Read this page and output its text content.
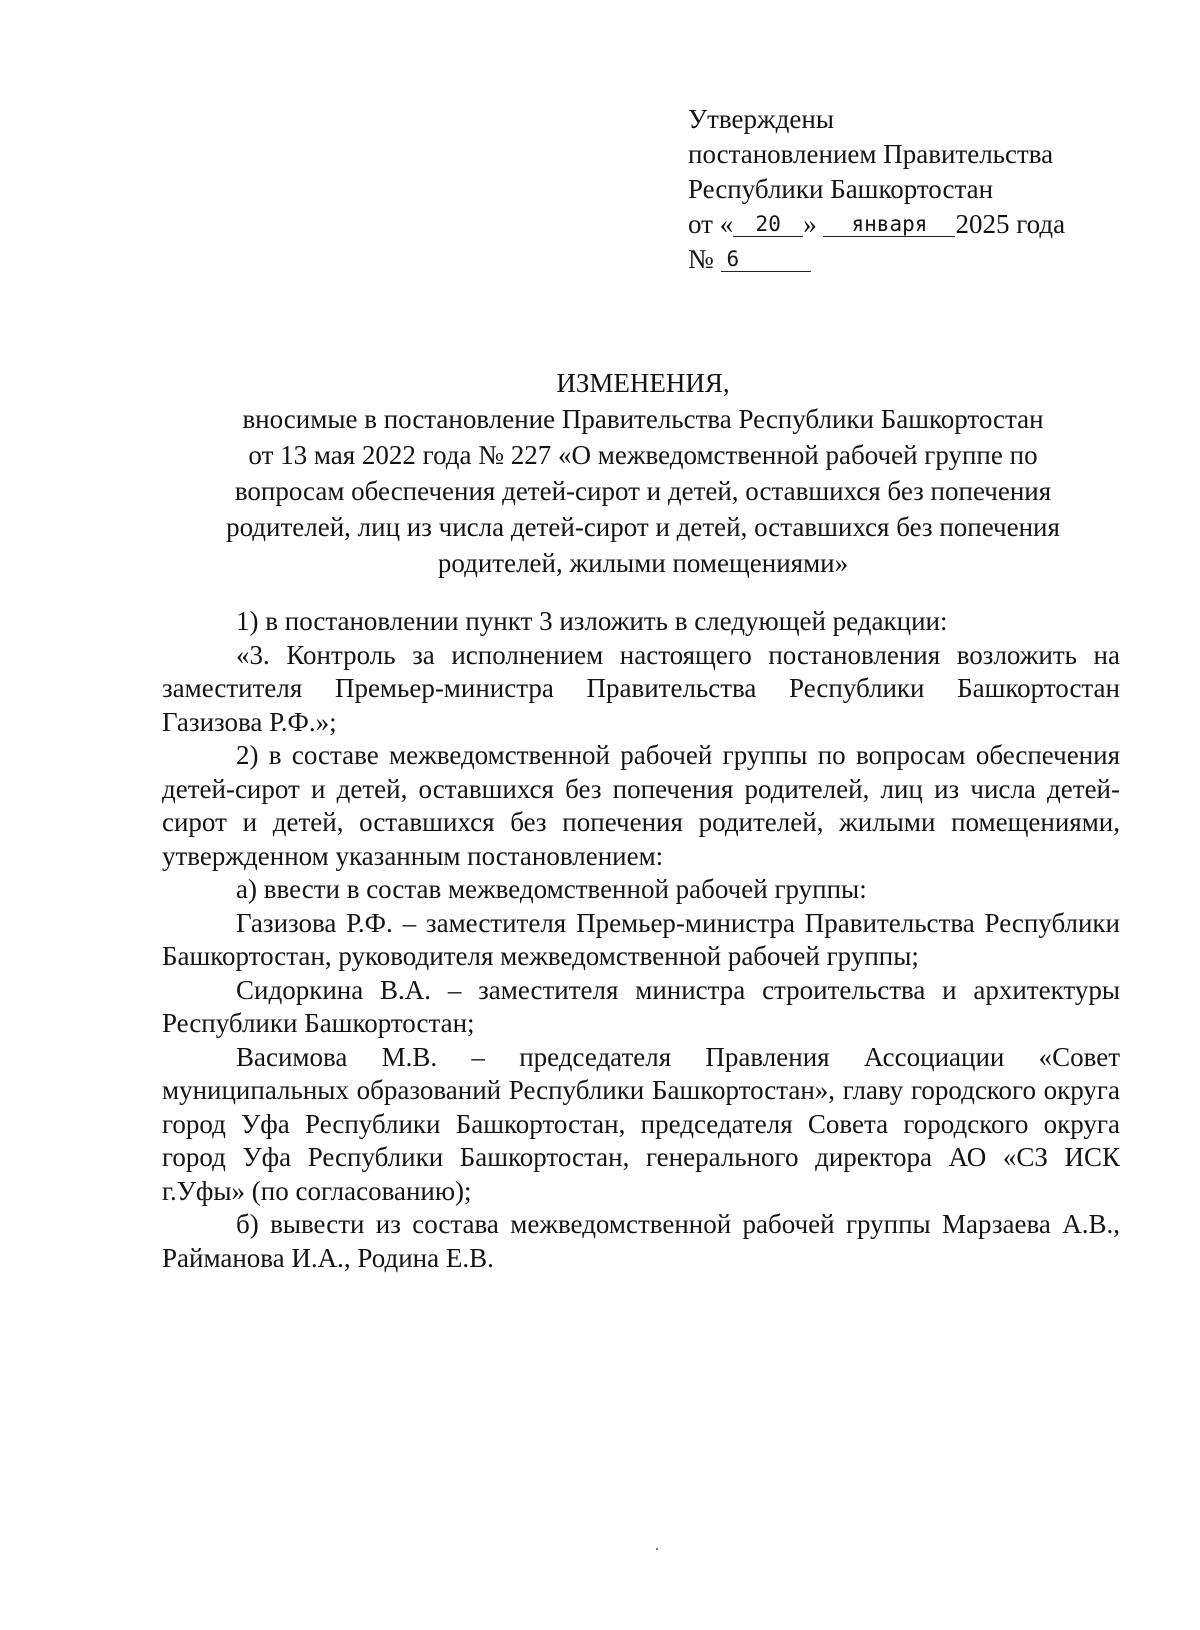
Утверждены
постановлением Правительства
Республики Башкортостан
от « 20 » января 2025 года
№ 6
ИЗМЕНЕНИЯ,
вносимые в постановление Правительства Республики Башкортостан
от 13 мая 2022 года № 227 «О межведомственной рабочей группе по
вопросам обеспечения детей-сирот и детей, оставшихся без попечения
родителей, лиц из числа детей-сирот и детей, оставшихся без попечения
родителей, жилыми помещениями»

1) в постановлении пункт 3 изложить в следующей редакции:

«3. Контроль за исполнением настоящего постановления возложить на заместителя Премьер-министра Правительства Республики Башкортостан Газизова Р.Ф.»;

2) в составе межведомственной рабочей группы по вопросам обеспечения детей-сирот и детей, оставшихся без попечения родителей, лиц из числа детей-сирот и детей, оставшихся без попечения родителей, жилыми помещениями, утвержденном указанным постановлением:

а) ввести в состав межведомственной рабочей группы:

Газизова Р.Ф. – заместителя Премьер-министра Правительства Республики Башкортостан, руководителя межведомственной рабочей группы;

Сидоркина В.А. – заместителя министра строительства и архитектуры Республики Башкортостан;

Васимова М.В. – председателя Правления Ассоциации «Совет муниципальных образований Республики Башкортостан», главу городского округа город Уфа Республики Башкортостан, председателя Совета городского округа город Уфа Республики Башкортостан, генерального директора АО «СЗ ИСК г.Уфы» (по согласованию);

б) вывести из состава межведомственной рабочей группы Марзаева А.В., Райманова И.А., Родина Е.В.
